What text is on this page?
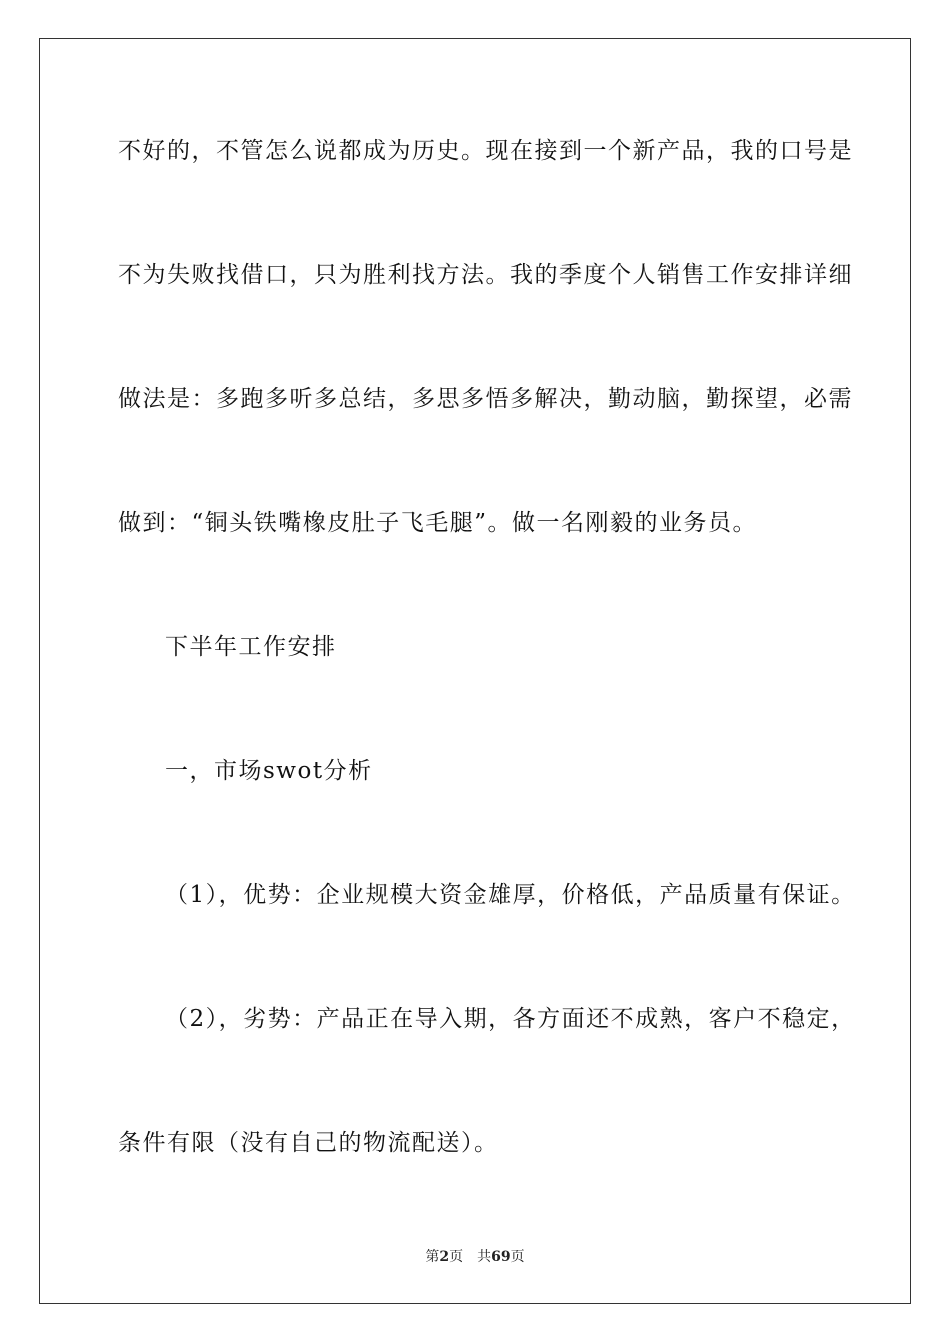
不好的，不管怎么说都成为历史。现在接到一个新产品，我的口号是
不为失败找借口，只为胜利找方法。我的季度个人销售工作安排详细
做法是：多跑多听多总结，多思多悟多解决，勤动脑，勤探望，必需
做到：“铜头铁嘴橡皮肚子飞毛腿”。做一名刚毅的业务员。
下半年工作安排
一，市场swot分析
（1），优势：企业规模大资金雄厚，价格低，产品质量有保证。
（2），劣势：产品正在导入期，各方面还不成熟，客户不稳定，
条件有限（没有自己的物流配送）。
第2页 共69页
